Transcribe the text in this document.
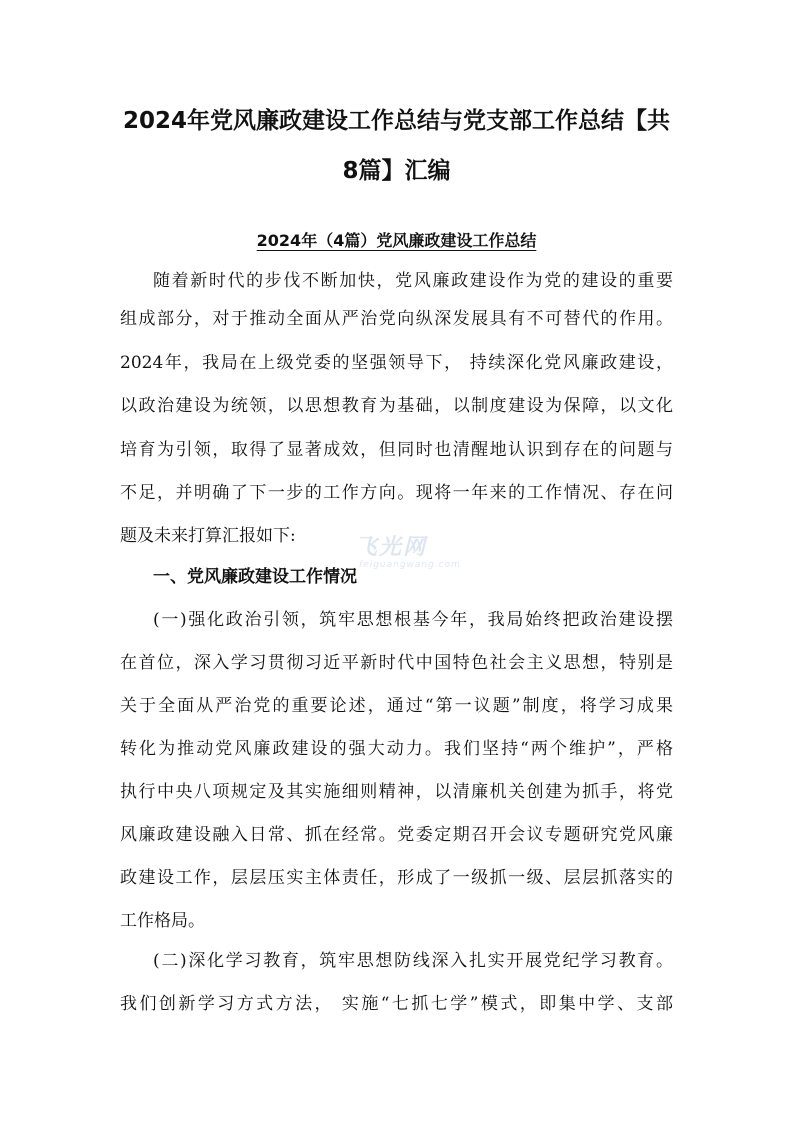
2024年党风廉政建设工作总结与党支部工作总结【共
8篇】汇编
2024年（4篇）党风廉政建设工作总结
随着新时代的步伐不断加快，党风廉政建设作为党的建设的重要
组成部分，对于推动全面从严治党向纵深发展具有不可替代的作用。
2024年，我局在上级党委的坚强领导下， 持续深化党风廉政建设，
以政治建设为统领，以思想教育为基础，以制度建设为保障，以文化
培育为引领，取得了显著成效，但同时也清醒地认识到存在的问题与
不足，并明确了下一步的工作方向。现将一年来的工作情况、存在问
题及未来打算汇报如下:
一、党风廉政建设工作情况
(一)强化政治引领，筑牢思想根基今年，我局始终把政治建设摆
在首位，深入学习贯彻习近平新时代中国特色社会主义思想，特别是
关于全面从严治党的重要论述，通过“第一议题”制度，将学习成果
转化为推动党风廉政建设的强大动力。我们坚持“两个维护”，严格
执行中央八项规定及其实施细则精神，以清廉机关创建为抓手，将党
风廉政建设融入日常、抓在经常。党委定期召开会议专题研究党风廉
政建设工作，层层压实主体责任，形成了一级抓一级、层层抓落实的
工作格局。
(二)深化学习教育，筑牢思想防线深入扎实开展党纪学习教育。
我们创新学习方式方法， 实施“七抓七学”模式，即集中学、支部
飞光网
feiguangwang.com
